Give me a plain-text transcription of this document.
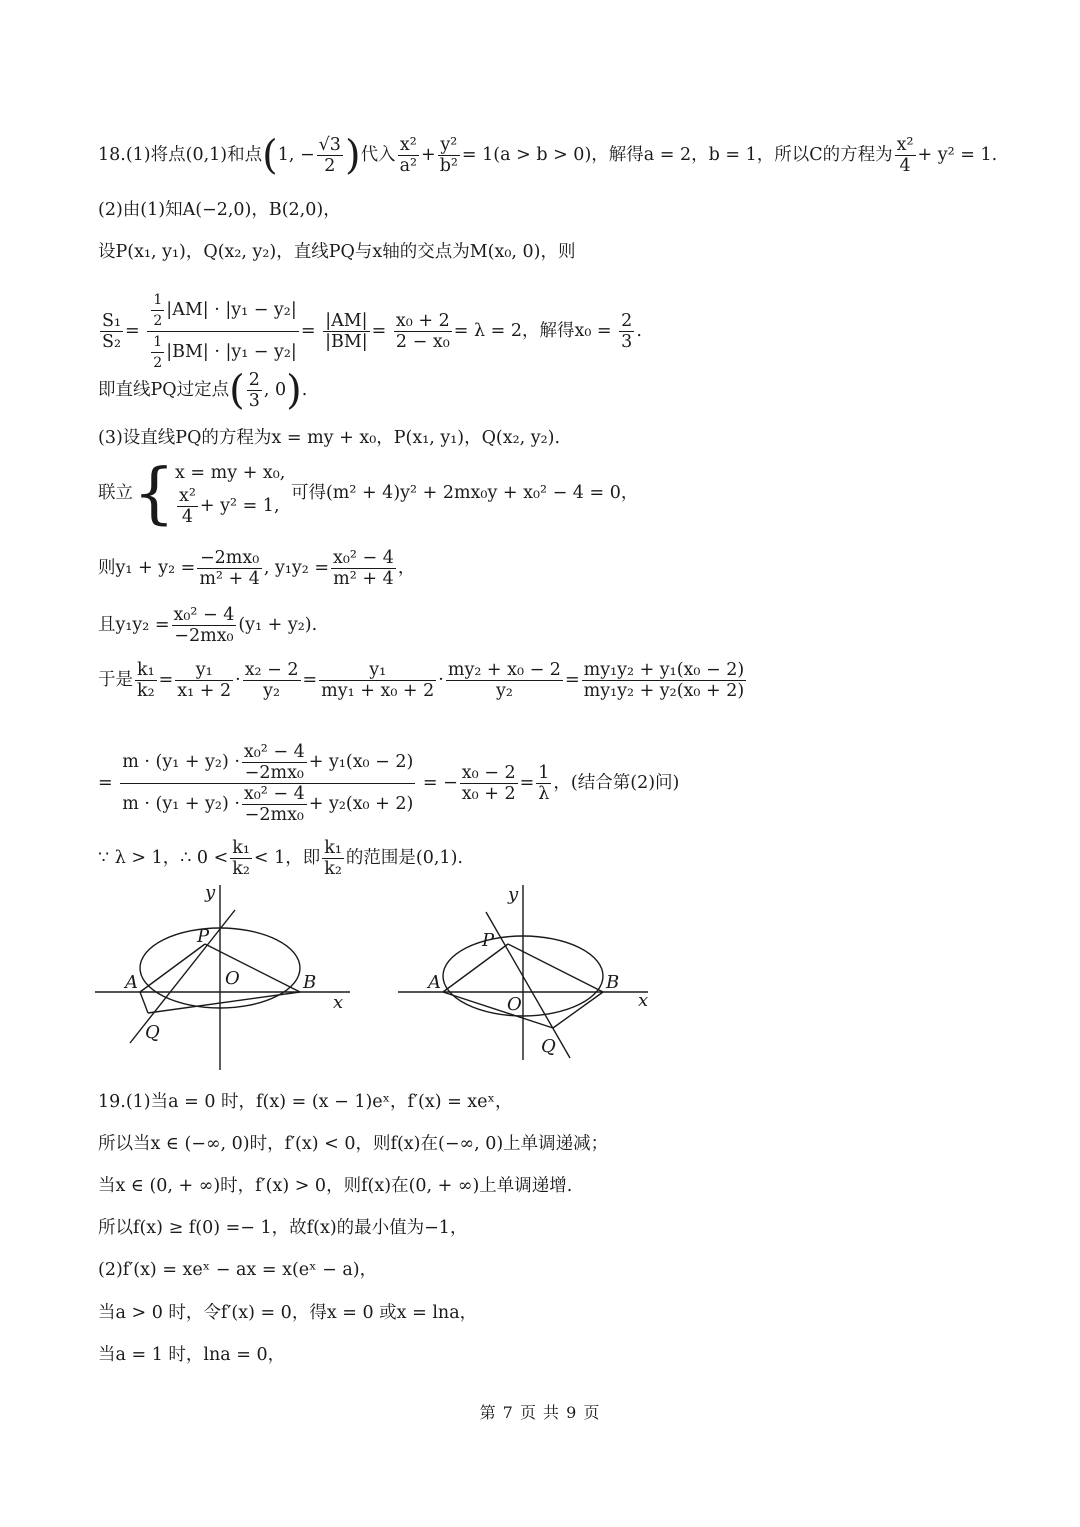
18.(1)将点(0,1)和点(1, − $\frac{√3}{2}$ )代入 $\frac{\text{x²}}{\text{a²}} + \frac{\text{y²}}{\text{b²}} = 1(a > b > 0)$，解得a = 2，b = 1，所以C的方程为 $\frac{\text{x²}}{4} + y^2 = 1$.
(2)由(1)知A(−2,0)，B(2,0)，
设P(x₁, y₁)，Q(x₂, y₂)，直线PQ与x轴的交点为M(x₀, 0)，则
$\frac{\text{S₁}}{\text{S₂}} = \frac{\frac{1}{2} |AM| \cdot |y_1 - y_2|}{\frac{1}{2} |BM| \cdot |y_1 - y_2|} = \frac{|AM|}{|BM|} = \frac{\text{x₀ + 2}}{\text{2 − x₀}} = \lambda = 2$，解得$x_0 = \frac{2}{3}$ .
即直线PQ过定点( $\frac{2}{3}$ , 0).
(3)设直线PQ的方程为x = my + x₀，P(x₁, y₁)，Q(x₂, y₂).
联立{ x = my + x₀,
$\frac{\text{x²}}{4} + y^2 = 1$,
可得(m² + 4)y² + 2mx₀y + x₀² − 4 = 0，
则$y_1 + y_2 = \frac{\text{−2mx₀}}{\text{m² + 4}}$ , $y_1y_2 = \frac{\text{x₀² − 4}}{\text{m² + 4}}$ ，
且$y_1y_2 = \frac{\text{x₀² − 4}}{\text{−2mx₀}} (y_1 + y_2)$.
于是 $\frac{\text{k₁}}{\text{k₂}} = \frac{\text{y₁}}{\text{x₁ + 2}} \cdot \frac{\text{x₂ − 2}}{\text{y₂}} = \frac{\text{y₁}}{\text{my₁ + x₀ + 2}} \cdot \frac{\text{my₂ + x₀ − 2}}{\text{y₂}} = \frac{\text{my₁y₂ + y₁(x₀ − 2)}}{\text{my₁y₂ + y₂(x₀ + 2)}}$
= $\frac{m \cdot (y_1 + y_2) \cdot \frac{\text{x₀² − 4}}{\text{−2mx₀}} + y_1(x_0 - 2)}{m \cdot (y_1 + y_2) \cdot \frac{\text{x₀² − 4}}{\text{−2mx₀}} + y_2(x_0 + 2)}$ = − $\frac{\text{x₀ − 2}}{\text{x₀ + 2}} = \frac{1}{\lambda}$ ，(结合第(2)问)
∵ λ > 1，∴ $0 < \frac{\text{k₁}}{\text{k₂}} < 1$，即 $\frac{\text{k₁}}{\text{k₂}}$ 的范围是(0,1).
y
x
P
O
A	B
Q
y
x
P
O
A	B
Q
19.(1)当a = 0 时，f(x) = (x − 1)eˣ，f′(x) = xeˣ，
所以当x ∈ (−∞, 0)时，f′(x) < 0，则f(x)在(−∞, 0)上单调递减；
当x ∈ (0, + ∞)时，f′(x) > 0，则f(x)在(0, + ∞)上单调递增.
所以f(x) ≥ f(0) =− 1，故f(x)的最小值为−1，
(2)f′(x) = xeˣ − ax = x(eˣ − a)，
当a > 0 时，令f′(x) = 0，得x = 0 或x = lna，
当a = 1 时，lna = 0，
第 7 页 共 9 页
